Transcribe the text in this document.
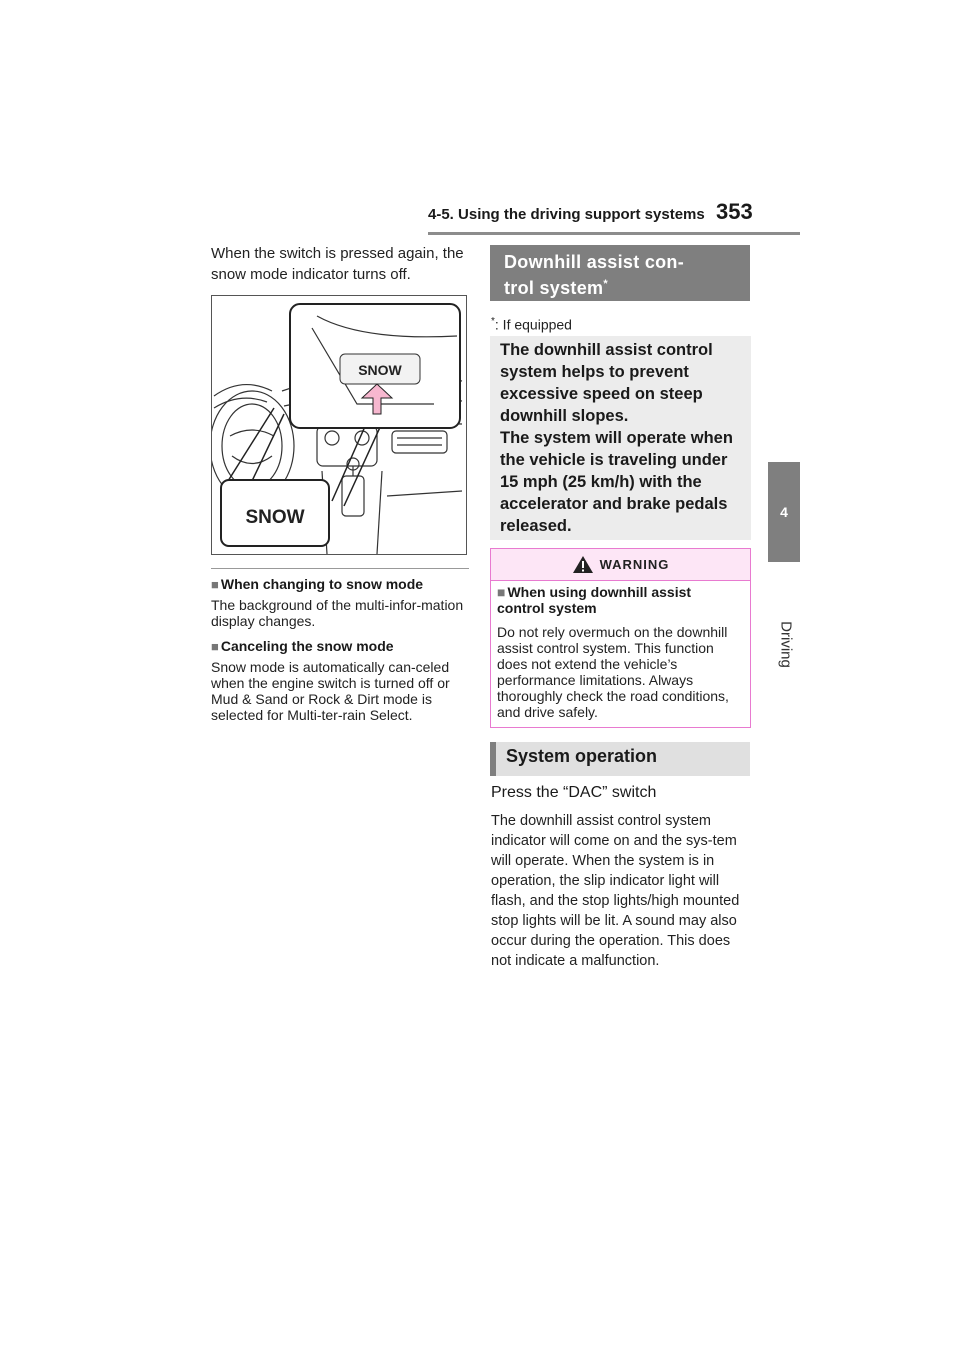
4-5. Using the driving support systems 353
4
Driving
When the switch is pressed again, the snow mode indicator turns off.
SNOW
SNOW
■ When changing to snow mode
The background of the multi-infor-mation display changes.
■ Canceling the snow mode
Snow mode is automatically can-celed when the engine switch is turned off or Mud & Sand or Rock & Dirt mode is selected for Multi-ter-rain Select.
Downhill assist con-
trol system*
*: If equipped

The downhill assist control system helps to prevent excessive speed on steep downhill slopes.

The system will operate when the vehicle is traveling under 15 mph (25 km/h) with the accelerator and brake pedals released.

WARNING
■ When using downhill assist control system
Do not rely overmuch on the downhill assist control system. This function does not extend the vehicle’s performance limitations. Always thoroughly check the road conditions, and drive safely.
System operation
Press the “DAC” switch
The downhill assist control system indicator will come on and the sys-tem will operate. When the system is in operation, the slip indicator light will flash, and the stop lights/high mounted stop lights will be lit. A sound may also occur during the operation. This does not indicate a malfunction.
